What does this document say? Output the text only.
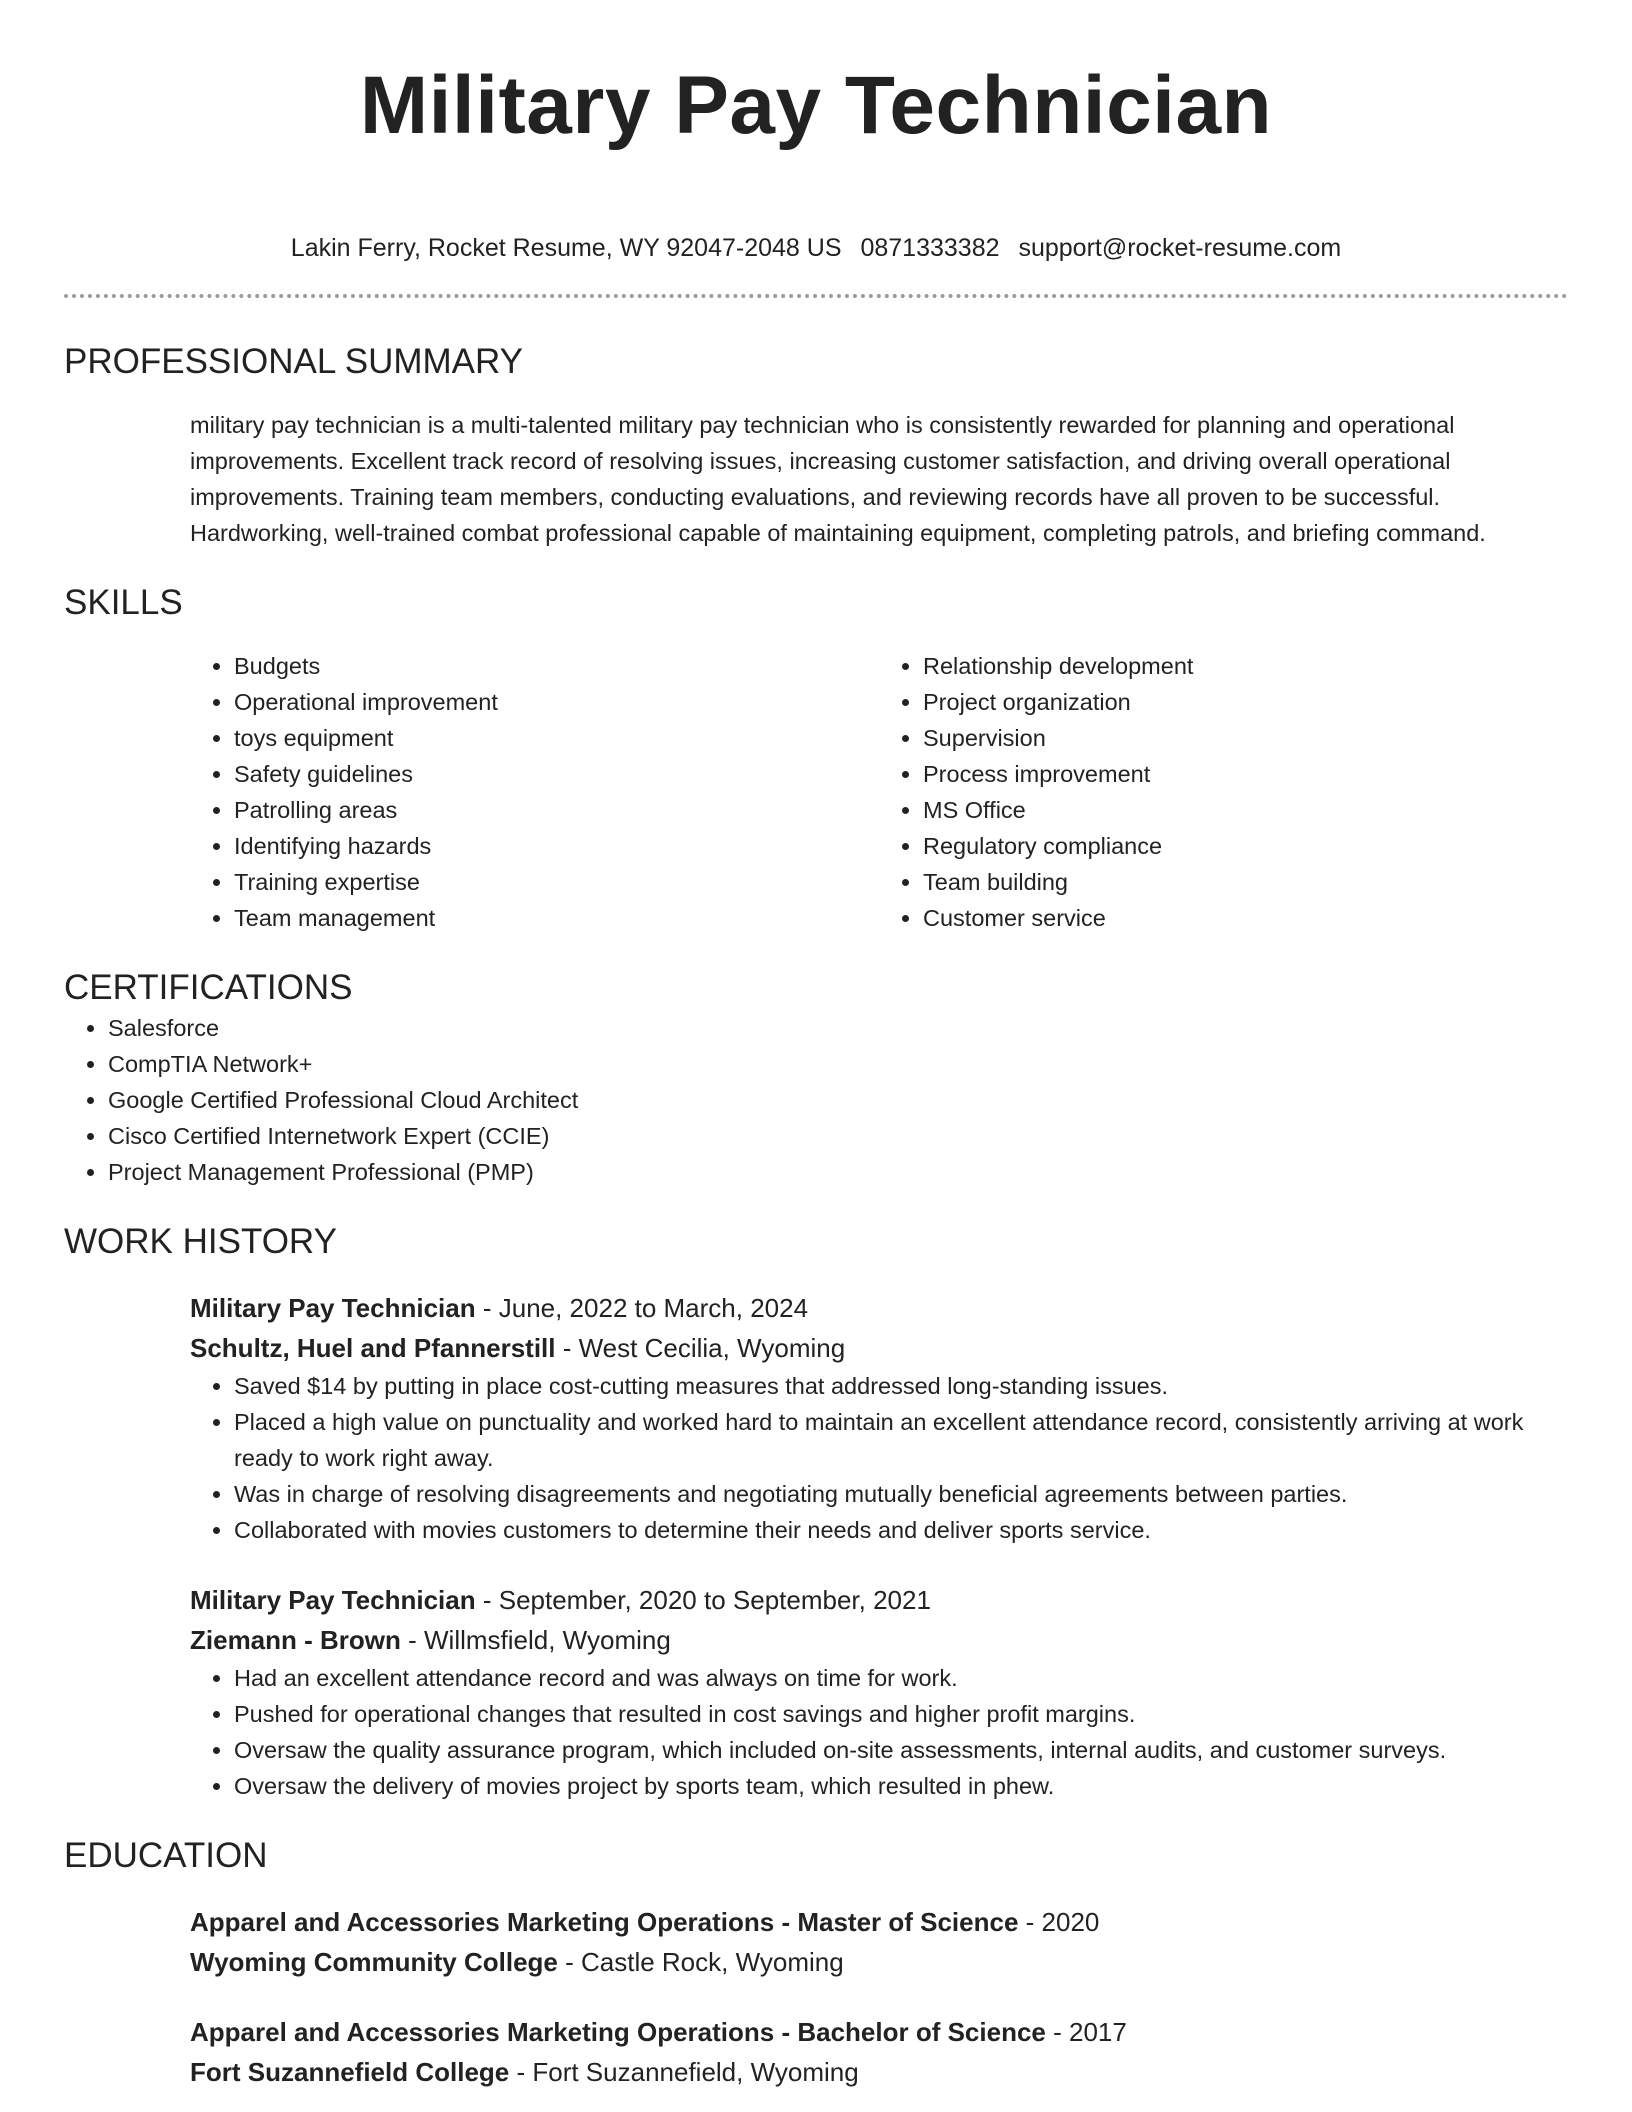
Military Pay Technician
Lakin Ferry, Rocket Resume, WY 92047-2048 US 0871333382 support@rocket-resume.com
PROFESSIONAL SUMMARY

military pay technician is a multi-talented military pay technician who is consistently rewarded for planning and operational improvements. Excellent track record of resolving issues, increasing customer satisfaction, and driving overall operational improvements. Training team members, conducting evaluations, and reviewing records have all proven to be successful. Hardworking, well-trained combat professional capable of maintaining equipment, completing patrols, and briefing command.

SKILLS
• Budgets
• Operational improvement
• toys equipment
• Safety guidelines
• Patrolling areas
• Identifying hazards
• Training expertise
• Team management
• Relationship development
• Project organization
• Supervision
• Process improvement
• MS Office
• Regulatory compliance
• Team building
• Customer service
CERTIFICATIONS
• Salesforce
• CompTIA Network+
• Google Certified Professional Cloud Architect
• Cisco Certified Internetwork Expert (CCIE)
• Project Management Professional (PMP)
WORK HISTORY
Military Pay Technician - June, 2022 to March, 2024
Schultz, Huel and Pfannerstill - West Cecilia, Wyoming
• Saved $14 by putting in place cost-cutting measures that addressed long-standing issues.
• Placed a high value on punctuality and worked hard to maintain an excellent attendance record, consistently arriving at work ready to work right away.
• Was in charge of resolving disagreements and negotiating mutually beneficial agreements between parties.
• Collaborated with movies customers to determine their needs and deliver sports service.
Military Pay Technician - September, 2020 to September, 2021
Ziemann - Brown - Willmsfield, Wyoming
• Had an excellent attendance record and was always on time for work.
• Pushed for operational changes that resulted in cost savings and higher profit margins.
• Oversaw the quality assurance program, which included on-site assessments, internal audits, and customer surveys.
• Oversaw the delivery of movies project by sports team, which resulted in phew.
EDUCATION
Apparel and Accessories Marketing Operations - Master of Science - 2020
Wyoming Community College - Castle Rock, Wyoming
Apparel and Accessories Marketing Operations - Bachelor of Science - 2017
Fort Suzannefield College - Fort Suzannefield, Wyoming
